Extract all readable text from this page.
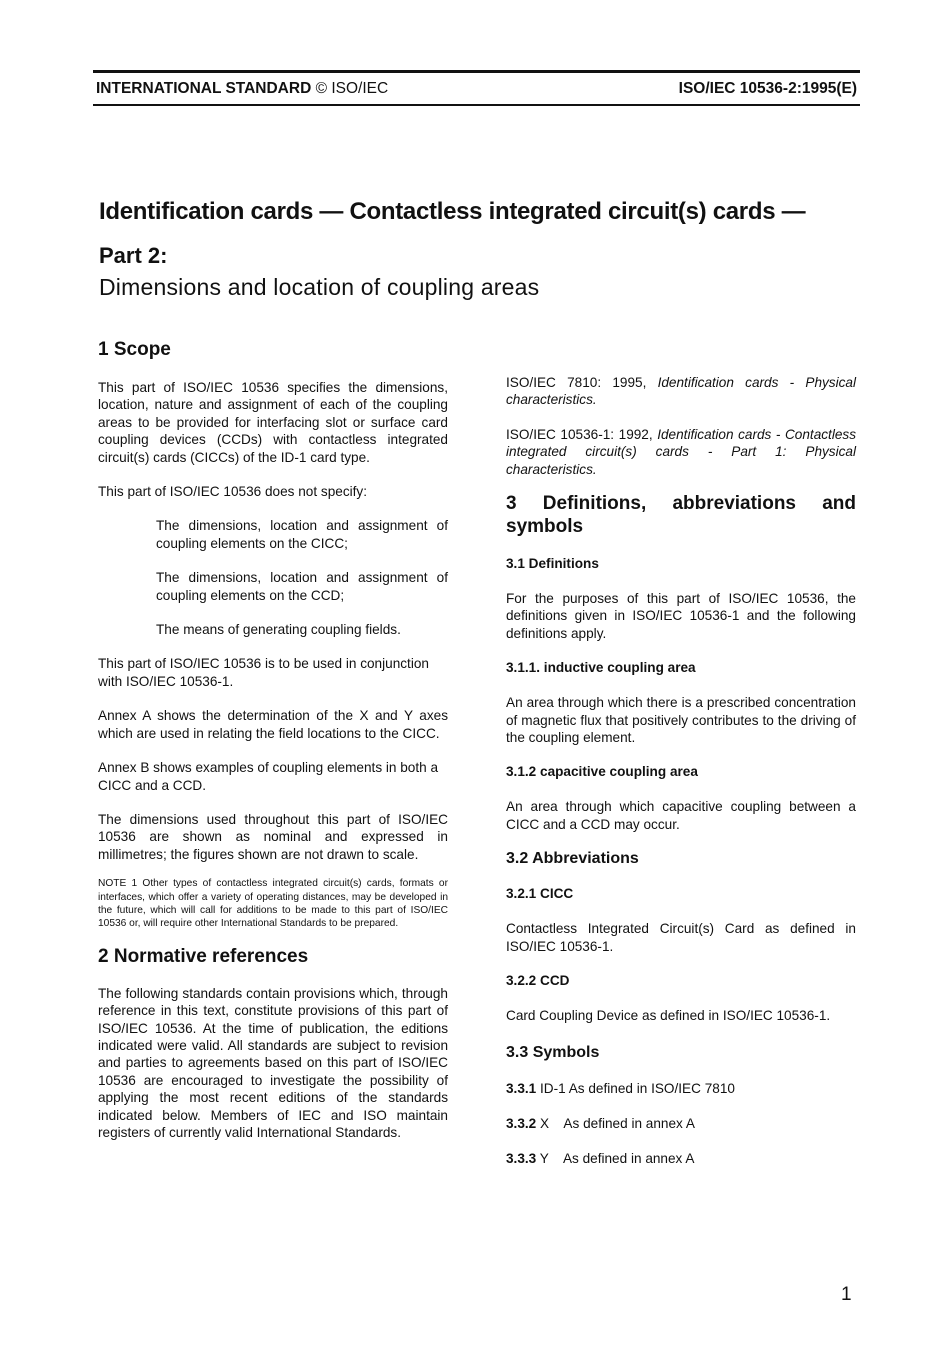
INTERNATIONAL STANDARD © ISO/IEC	ISO/IEC 10536-2:1995(E)
Identification cards — Contactless integrated circuit(s) cards —
Part 2:
Dimensions and location of coupling areas

1 Scope

This part of ISO/IEC 10536 specifies the dimensions, location, nature and assignment of each of the coupling areas to be provided for interfacing slot or surface card coupling devices (CCDs) with contactless integrated circuit(s) cards (CICCs) of the ID-1 card type.

This part of ISO/IEC 10536 does not specify:

The dimensions, location and assignment of coupling elements on the CICC;

The dimensions, location and assignment of coupling elements on the CCD;

The means of generating coupling fields.

This part of ISO/IEC 10536 is to be used in conjunction with ISO/IEC 10536-1.

Annex A shows the determination of the X and Y axes which are used in relating the field locations to the CICC.

Annex B shows examples of coupling elements in both a CICC and a CCD.

The dimensions used throughout this part of ISO/IEC 10536 are shown as nominal and expressed in millimetres; the figures shown are not drawn to scale.

NOTE 1 Other types of contactless integrated circuit(s) cards, formats or interfaces, which offer a variety of operating distances, may be developed in the future, which will call for additions to be made to this part of ISO/IEC 10536 or, will require other International Standards to be prepared.

2 Normative references

The following standards contain provisions which, through reference in this text, constitute provisions of this part of ISO/IEC 10536. At the time of publication, the editions indicated were valid. All standards are subject to revision and parties to agreements based on this part of ISO/IEC 10536 are encouraged to investigate the possibility of applying the most recent editions of the standards indicated below. Members of IEC and ISO maintain registers of currently valid International Standards.

ISO/IEC 7810: 1995, Identification cards - Physical characteristics.

ISO/IEC 10536-1: 1992, Identification cards - Contactless integrated circuit(s) cards - Part 1: Physical characteristics.

3 Definitions, abbreviations and

symbols

3.1 Definitions

For the purposes of this part of ISO/IEC 10536, the definitions given in ISO/IEC 10536-1 and the following definitions apply.

3.1.1. inductive coupling area

An area through which there is a prescribed concentration of magnetic flux that positively contributes to the driving of the coupling element.

3.1.2 capacitive coupling area

An area through which capacitive coupling between a CICC and a CCD may occur.

3.2 Abbreviations

3.2.1 CICC

Contactless Integrated Circuit(s) Card as defined in ISO/IEC 10536-1.

3.2.2 CCD

Card Coupling Device as defined in ISO/IEC 10536-1.

3.3 Symbols

3.3.1 ID-1 As defined in ISO/IEC 7810

3.3.2 X    As defined in annex A

3.3.3 Y    As defined in annex A

1
